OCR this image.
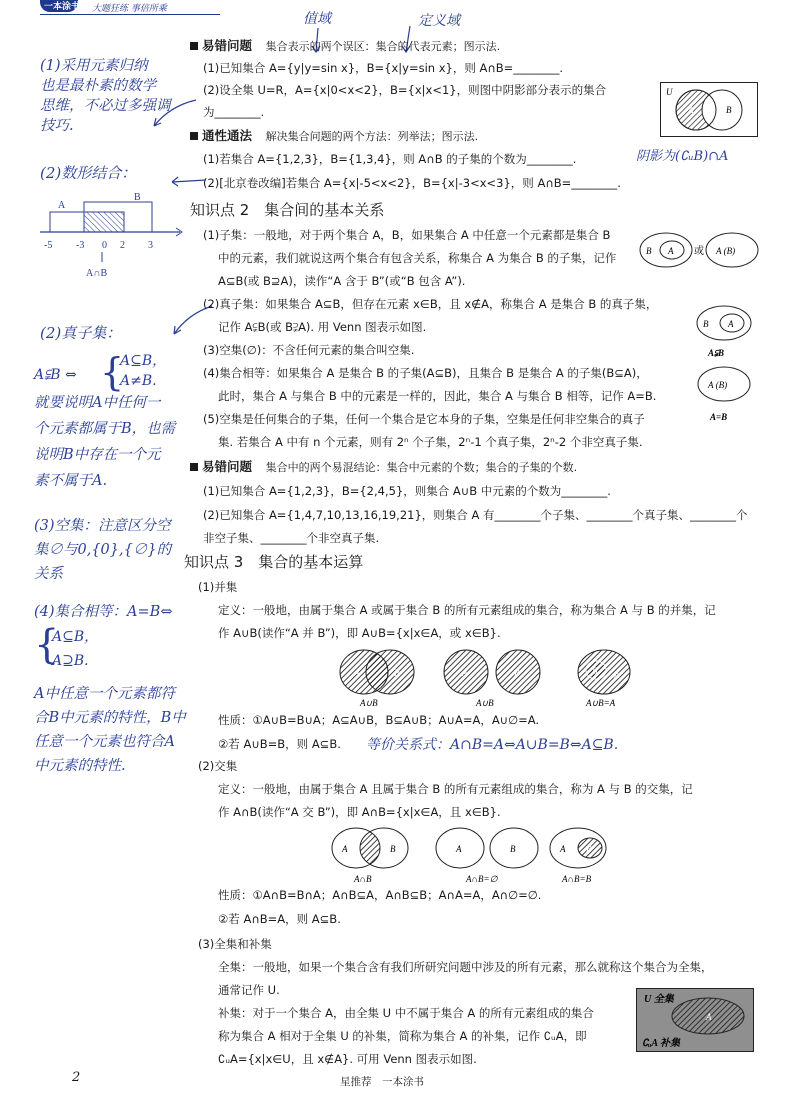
一本涂书 大题狂练 事倍所乘
值域	定义域
易错问题 集合表示的两个误区：集合的代表元素；图示法.
(1)已知集合 A={y|y=sin x}，B={x|y=sin x}，则 A∩B=________.
(2)设全集 U=R，A={x|0<x<2}，B={x|x<1}，则图中阴影部分表示的集合
为________.
U
A	B
通性通法 解决集合问题的两个方法：列举法；图示法.
(1)若集合 A={1,2,3}，B={1,3,4}，则 A∩B 的子集的个数为________.
(2)[北京卷改编]若集合 A={x|-5<x<2}，B={x|-3<x<3}，则 A∩B=________.
阴影为(∁ᵤB)∩A
(1)采用元素归纳
也是最朴素的数学
思维，不必过多强调
技巧.
(2)数形结合：
A
B
-5 -3 0 2 3
A∩B
知识点 2　集合间的基本关系
(1)子集：一般地，对于两个集合 A，B，如果集合 A 中任意一个元素都是集合 B
中的元素，我们就说这两个集合有包含关系，称集合 A 为集合 B 的子集，记作
A⊆B(或 B⊇A)，读作“A 含于 B”(或“B 包含 A”).
B A 或 A (B)
(2)真子集：
(2)真子集：如果集合 A⊆B，但存在元素 x∈B，且 x∉A，称集合 A 是集合 B 的真子集，
记作 A⫋B(或 B⫌A). 用 Venn 图表示如图.	B A
A⫋B
(3)空集(∅)：不含任何元素的集合叫空集.
A⫋B ⇔ {
A⊆B，
A≠B.
就要说明A中任何一
个元素都属于B，也需
说明B中存在一个元
素不属于A.
(4)集合相等：如果集合 A 是集合 B 的子集(A⊆B)，且集合 B 是集合 A 的子集(B⊆A)，
此时，集合 A 与集合 B 中的元素是一样的，因此，集合 A 与集合 B 相等，记作 A=B.
A (B)
A=B
(5)空集是任何集合的子集，任何一个集合是它本身的子集，空集是任何非空集合的真子
集. 若集合 A 中有 n 个元素，则有 2ⁿ 个子集，2ⁿ-1 个真子集，2ⁿ-2 个非空真子集.
易错问题 集合中的两个易混结论：集合中元素的个数；集合的子集的个数.
(1)已知集合 A={1,2,3}，B={2,4,5}，则集合 A∪B 中元素的个数为________.
(2)已知集合 A={1,4,7,10,13,16,19,21}，则集合 A 有________个子集、________个真子集、________个
非空子集、________个非空真子集.
(3)空集：注意区分空
集∅与0,{0},{∅}的
关系
知识点 3　集合的基本运算
(1)并集
(4)集合相等：A=B⇔
{
A⊆B，
A⊇B.
A中任意一个元素都符
合B中元素的特性，B中
任意一个元素也符合A
中元素的特性.
定义：一般地，由属于集合 A 或属于集合 B 的所有元素组成的集合，称为集合 A 与 B 的并集，记
作 A∪B(读作“A 并 B”)，即 A∪B={x|x∈A，或 x∈B}.
A	B
A∪B
A	B
A∪B
B A
A∪B=A
性质：①A∪B=B∪A；A⊆A∪B，B⊆A∪B；A∪A=A，A∪∅=A.
②若 A∪B=B，则 A⊆B. 等价关系式：A∩B=A⇔A∪B=B⇔A⊆B.
(2)交集
定义：一般地，由属于集合 A 且属于集合 B 的所有元素组成的集合，称为 A 与 B 的交集，记
作 A∩B(读作“A 交 B”)，即 A∩B={x|x∈A，且 x∈B}.
A	B
A∩B
A	B
A∩B=∅
A B
A∩B=B
性质：①A∩B=B∩A；A∩B⊆A，A∩B⊆B；A∩A=A，A∩∅=∅.
②若 A∩B=A，则 A⊆B.
(3)全集和补集
全集：一般地，如果一个集合含有我们所研究问题中涉及的所有元素，那么就称这个集合为全集，
通常记作 U.
补集：对于一个集合 A，由全集 U 中不属于集合 A 的所有元素组成的集合
称为集合 A 相对于全集 U 的补集，简称为集合 A 的补集，记作 ∁ᵤA，即
∁ᵤA={x|x∈U，且 x∉A}. 可用 Venn 图表示如图.
U 全集
A
∁ᵤA 补集
2	星推荐　一本涂书
